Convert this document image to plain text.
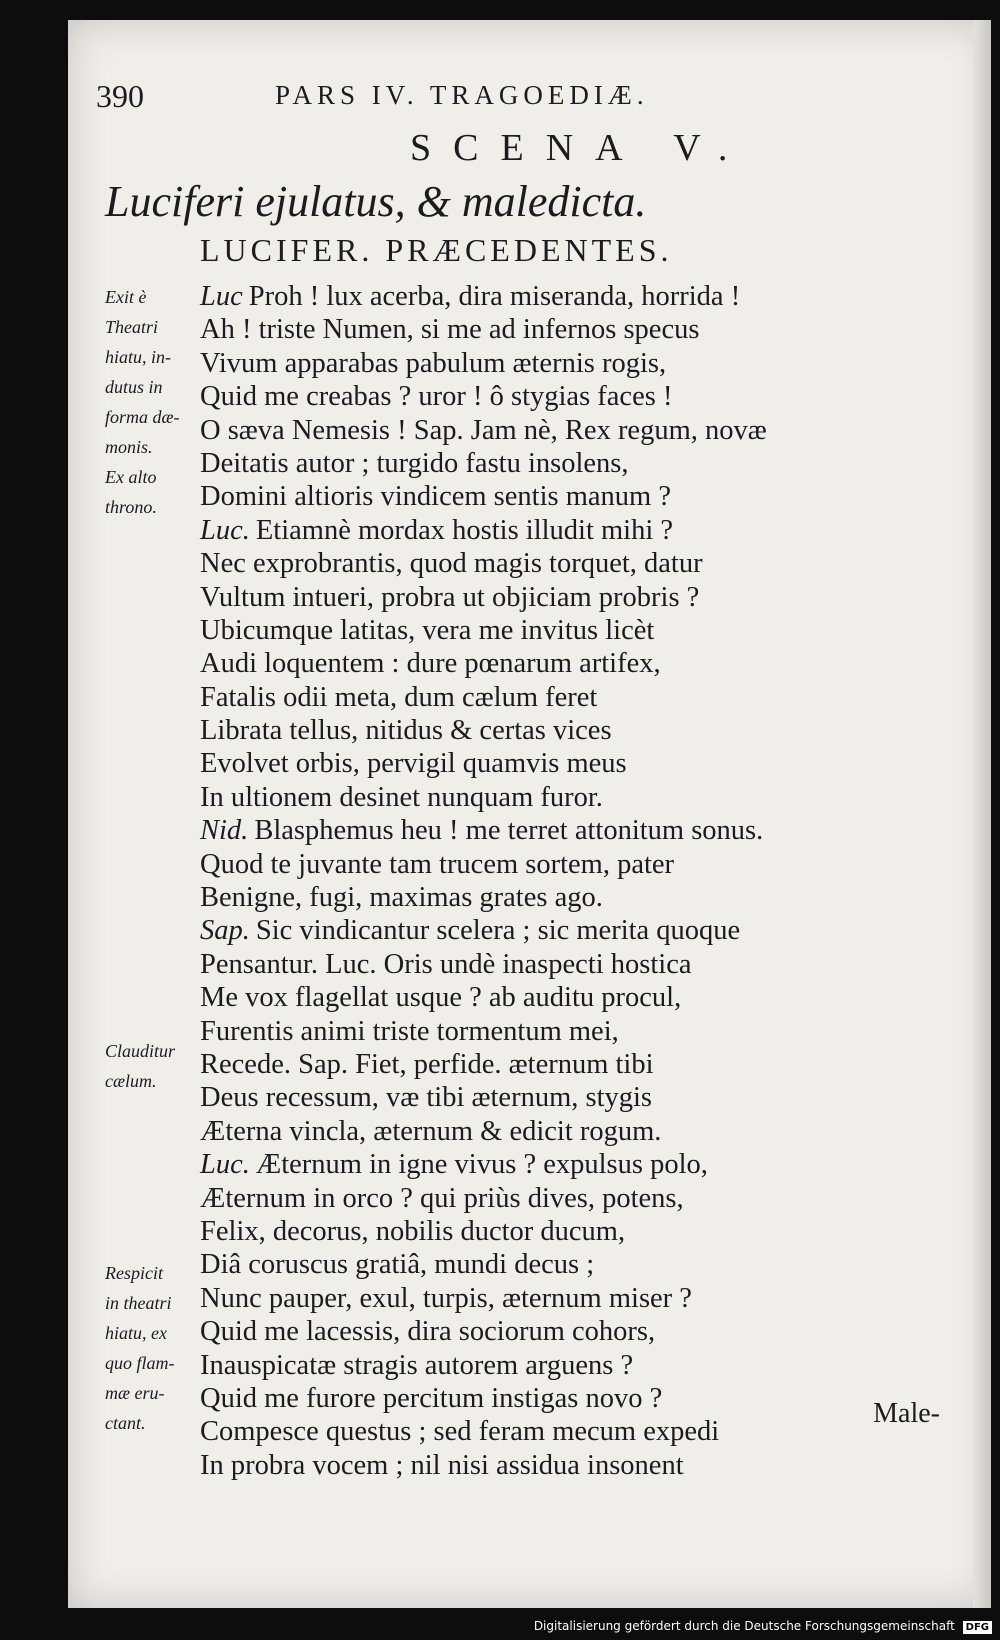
390	PARS IV. TRAGOEDIÆ.
SCENA V.
Luciferi ejulatus, & maledicta.
LUCIFER. PRÆCEDENTES.
Exit è
Theatri
hiatu, in-
dutus in
forma dæ-
monis.
Ex alto
throno.
Clauditur
cælum.
Respicit
in theatri
hiatu, ex
quo flam-
mæ eru-
ctant.
Luc Proh ! lux acerba, dira miseranda, horrida !
Ah ! triste Numen, si me ad infernos specus
Vivum apparabas pabulum æternis rogis,
Quid me creabas ? uror ! ô stygias faces !
O sæva Nemesis ! Sap. Jam nè, Rex regum, novæ
Deitatis autor ; turgido fastu insolens,
Domini altioris vindicem sentis manum ?
Luc. Etiamnè mordax hostis illudit mihi ?
Nec exprobrantis, quod magis torquet, datur
Vultum intueri, probra ut objiciam probris ?
Ubicumque latitas, vera me invitus licèt
Audi loquentem : dure pœnarum artifex,
Fatalis odii meta, dum cælum feret
Librata tellus, nitidus & certas vices
Evolvet orbis, pervigil quamvis meus
In ultionem desinet nunquam furor.
Nid. Blasphemus heu ! me terret attonitum sonus.
Quod te juvante tam trucem sortem, pater
Benigne, fugi, maximas grates ago.
Sap. Sic vindicantur scelera ; sic merita quoque
Pensantur. Luc. Oris undè inaspecti hostica
Me vox flagellat usque ? ab auditu procul,
Furentis animi triste tormentum mei,
Recede. Sap. Fiet, perfide. æternum tibi
Deus recessum, væ tibi æternum, stygis
Æterna vincla, æternum & edicit rogum.
Luc. Æternum in igne vivus ? expulsus polo,
Æternum in orco ? qui priùs dives, potens,
Felix, decorus, nobilis ductor ducum,
Diâ coruscus gratiâ, mundi decus ;
Nunc pauper, exul, turpis, æternum miser ?
Quid me lacessis, dira sociorum cohors,
Inauspicatæ stragis autorem arguens ?
Quid me furore percitum instigas novo ?
Compesce questus ; sed feram mecum expedi
In probra vocem ; nil nisi assidua insonent
Male-
Digitalisierung gefördert durch die Deutsche Forschungsgemeinschaft DFG
